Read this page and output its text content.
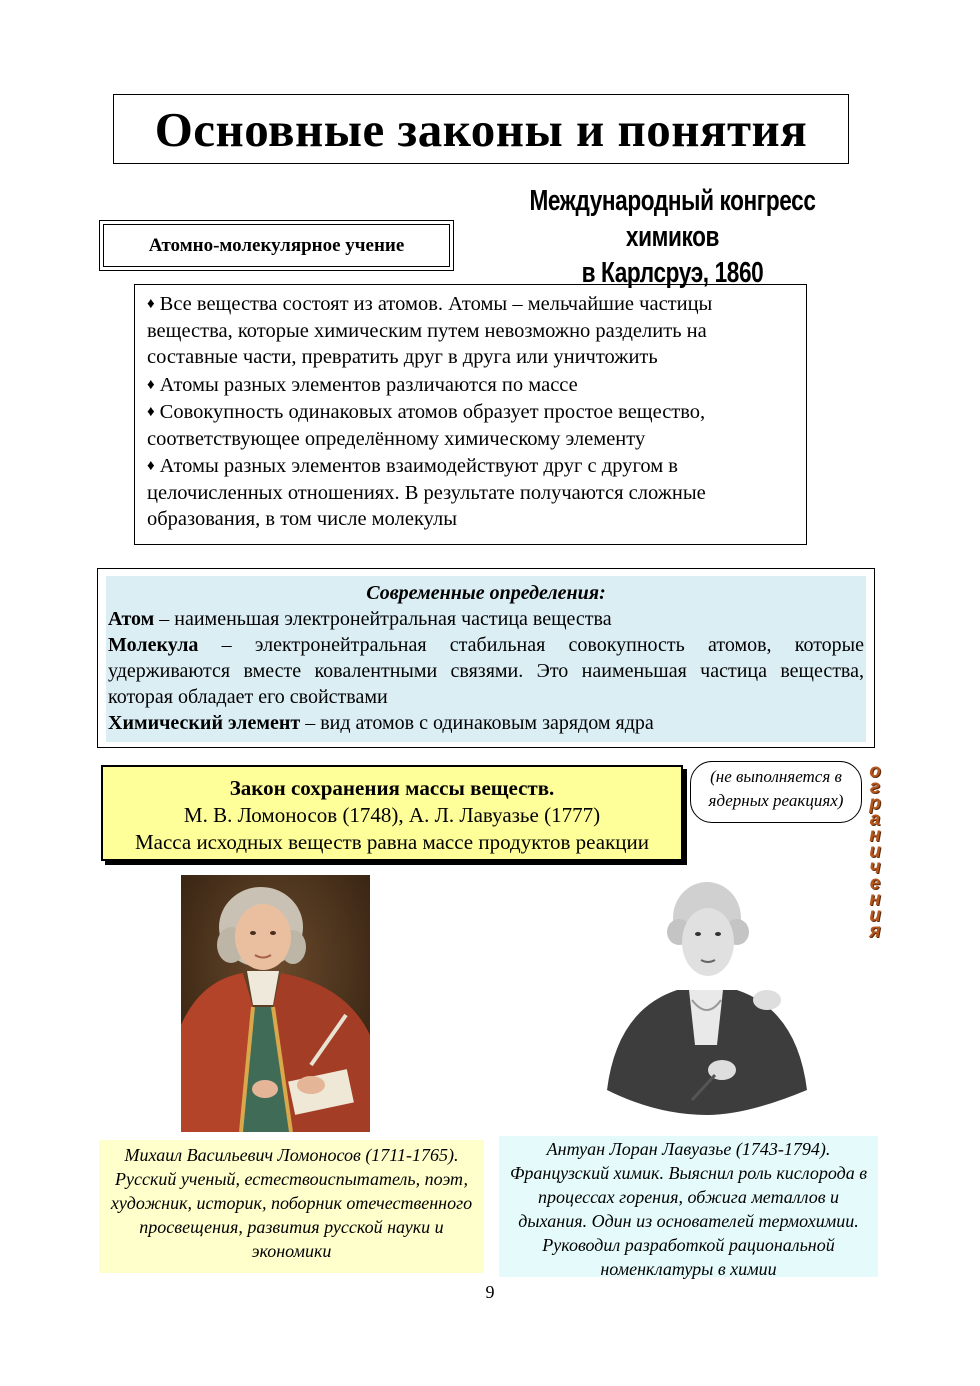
Основные законы и понятия
Международный конгресс химиков
в Карлсруэ, 1860
Атомно-молекулярное учение

♦ Все вещества состоят из атомов. Атомы – мельчайшие частицы вещества, которые химическим путем невозможно разделить на составные части, превратить друг в друга или уничтожить

♦ Атомы разных элементов различаются по массе

♦ Совокупность одинаковых атомов образует простое вещество, соответствующее определённому химическому элементу

♦ Атомы разных элементов взаимодействуют друг с другом в целочисленных отношениях. В результате получаются сложные образования, в том числе молекулы

Современные определения:
Атом – наименьшая электронейтральная частица вещества
Молекула – электронейтральная стабильная совокупность атомов, которые удерживаются вместе ковалентными связями. Это наименьшая частица вещества, которая обладает его свойствами
Химический элемент – вид атомов с одинаковым зарядом ядра
Закон сохранения массы веществ.
М. В. Ломоносов (1748), А. Л. Лавуазье (1777)
Масса исходных веществ равна массе продуктов реакции
(не выполняется в ядерных реакциях)
о
г
р
а
н
и
ч
е
н
и
я
Михаил Васильевич Ломоносов (1711-1765). Русский ученый, естествоиспытатель, поэт, художник, историк, поборник отечественного просвещения, развития русской науки и экономики
Антуан Лоран Лавуазье (1743-1794). Французский химик. Выяснил роль кислорода в процессах горения, обжига металлов и дыхания. Один из основателей термохимии. Руководил разработкой рациональной номенклатуры в химии
9
